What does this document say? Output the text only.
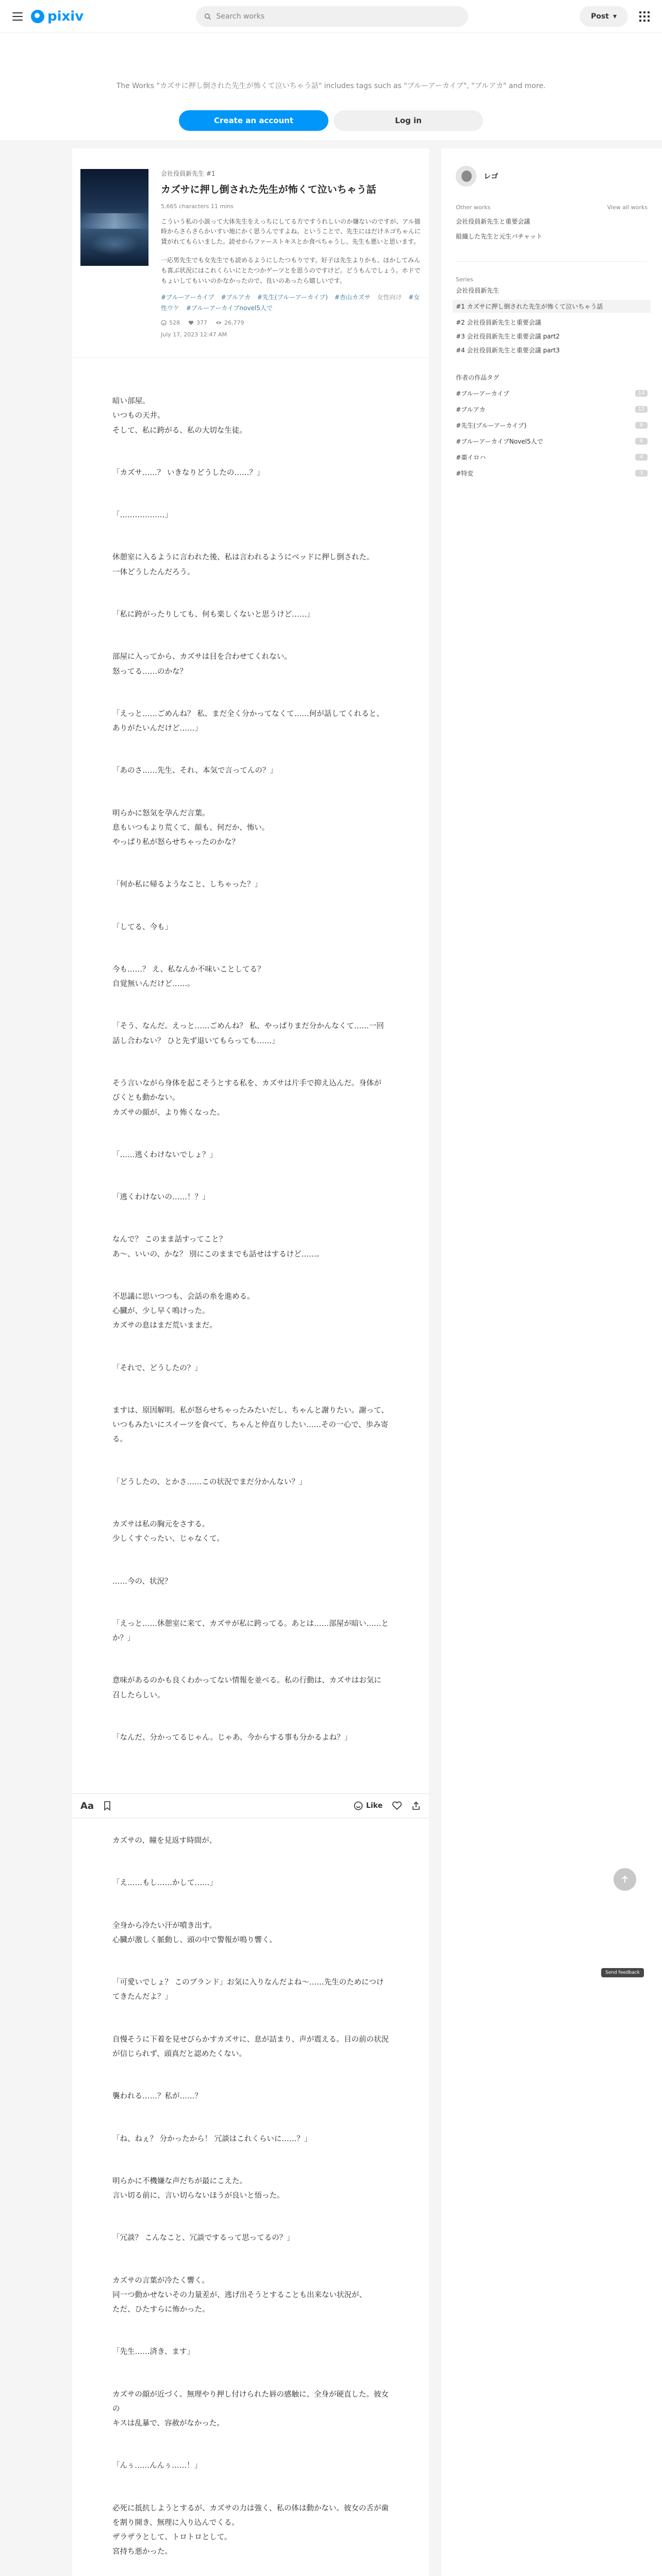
pixiv
Search works	Post ▾
The Works "カズサに押し倒された先生が怖くて泣いちゃう話" includes tags such as "ブルーアーカイブ", "ブルアカ" and more.
Create an account	Log in
会社役員新先生 #1
カズサに押し倒された先生が怖くて泣いちゃう話
5,665 characters 11 mins

こういう私の小説って大体先生をえっちにしてる方ですうれしいのか嫌ないのですが、アル描時からさらさらかいすい地にかく思うんですよね。ということで、先生にはだけネゴちゃんに賃がれてもらいました。読せからファーストキスとか食べちゃうし、先生も悪いと思います。

一応男先生でも女先生でも読めるようにしたつもりです。好子は先生よりかも、ほかしてみんも喜ぶ状況にはこれくらいにとたつかゲーツとを思うのですけど。どうもんでしょう。ホドでもょいしてもいいのかなかったので、良いのあったら嬉しいです。

#ブルーアーカイブ #ブルアカ #先生(ブルーアーカイブ) #杏山カズサ 女性向け #女性ウケ #ブルーアーカイブnovel5人で
528	377	26,779
July 17, 2023 12:47 AM

暗い部屋。
いつもの天井。
そして、私に跨がる、私の大切な生徒。

「カズサ……？ いきなりどうしたの……？」

「………………」

休憩室に入るように言われた後、私は言われるようにベッドに押し倒された。
一体どうしたんだろう。

「私に跨がったりしても、何も楽しくないと思うけど……」

部屋に入ってから、カズサは目を合わせてくれない。
怒ってる……のかな？

「えっと……ごめんね？ 私、まだ全く分かってなくて……何が話してくれると、ありがたいんだけど……」

「あのさ……先生、それ、本気で言ってんの？」

明らかに怒気を孕んだ言葉。
息もいつもより荒くて、顔も、何だか、怖い。
やっぱり私が怒らせちゃったのかな？

「何か私に帰るようなこと、しちゃった？」

「してる、今も」

今も……？ え、私なんか不味いことしてる？
自覚無いんだけど……。

「そう、なんだ。えっと……ごめんね？ 私、やっぱりまだ分かんなくて……一回話し合わない？ ひと先ず退いてもらっても……」

そう言いながら身体を起こそうとする私を、カズサは片手で抑え込んだ。身体がびくとも動かない。
カズサの顔が、より怖くなった。

「……逃くわけないでしょ？」

「逃くわけないの……！？」

なんで？ このまま話すってこと？
あ～、いいの、かな？ 別にこのままでも話せはするけど……。

不思議に思いつつも、会話の糸を進める。
心臓が、少し早く鳴けった。
カズサの息はまだ荒いままだ。

「それで、どうしたの？」

ますは、原因解明。私が怒らせちゃったみたいだし、ちゃんと謝りたい。謝って、いつもみたいにスイーツを食べて、ちゃんと仲直りしたい……その一心で、歩み寄る。

「どうしたの、とかさ……この状況でまだ分かんない？」

カズサは私の胸元をさする。
少しくすぐったい、じゃなくて。

……今の、状況？

「えっと……休憩室に来て、カズサが私に跨ってる。あとは……部屋が暗い……とか？」

意味があるのかも良くわかってない情報を並べる。私の行動は、カズサはお気に召したらしい。

「なんだ、分かってるじゃん。じゃあ、今からする事も分かるよね？」

Aa	Like

カズサの、瞳を見返す時間が、

「え……もし……かして……」

全身から冷たい汗が噴き出す。
心臓が激しく脈動し、頭の中で警報が鳴り響く。

「可愛いでしょ？ このブランド」お気に入りなんだよね～……先生のためにつけてきたんだよ？」

自慢そうに下着を見せびらかすカズサに、息が詰まり、声が震える。目の前の状況が信じられず、頭真だと認めたくない。

襲われる……？私が……？

「ね、ねぇ？ 分かったから！ 冗談はこれくらいに……？」

明らかに不機嫌な声だちが最にこえた。
言い切る前に、言い切らないほうが良いと悟った。

「冗談？ こんなこと、冗談でするって思ってるの？」

カズサの言葉が冷たく響く。
同一つ動かせないその力量差が、逃げ出そうとすることも出来ない状況が、
ただ、ひたすらに怖かった。

「先生……済き、ます」

カズサの顔が近づく。無理やり押し付けられた唇の感触に、全身が硬直した。彼女の
キスは乱暴で、容赦がなかった。

「んぅ……んんぅ……！」

必死に抵抗しようとするが、カズサの力は強く、私の体は動かない。彼女の舌が歯を割り開き、無理に入り込んでくる。
ザラザラとして、トロトロとして。
宮持ち悪かった。

レゴ
Other works	View all works
会社役員新先生と重要会議
組織した先生と元生パチャット
Series
会社役員新先生
#1 カズサに押し倒された先生が怖くて泣いちゃう話
#2 会社役員新先生と重要会議
#3 会社役員新先生と重要会議 part2
#4 会社役員新先生と重要会議 part3
作者の作品タグ
#ブルーアーカイブ	14
#ブルアカ	12
#先生(ブルーアーカイブ)	8
#ブルーアーカイブNovel5人で	6
#棗イロハ	4
#特変	3
Send feedback
